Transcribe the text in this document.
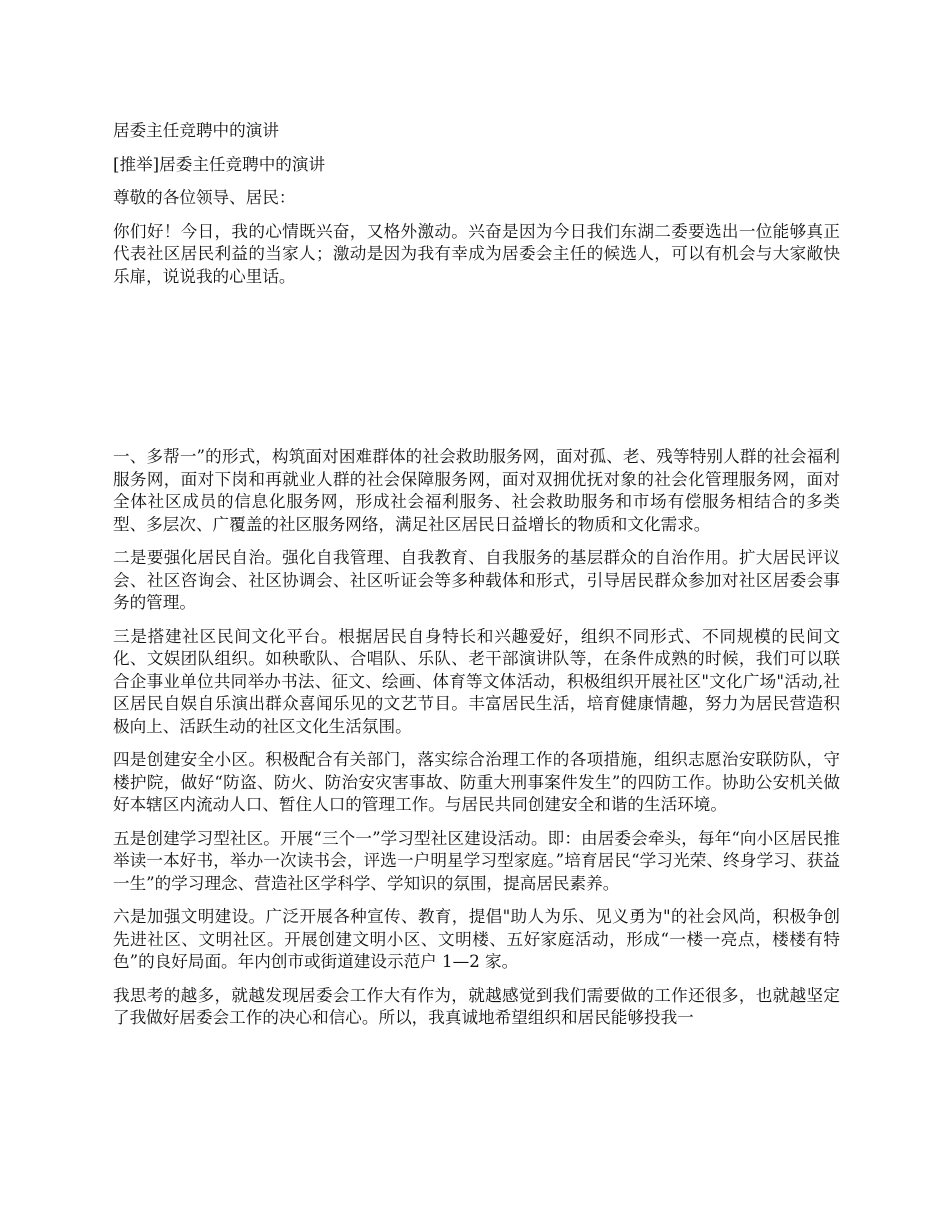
居委主任竞聘中的演讲

[推举]居委主任竞聘中的演讲

尊敬的各位领导、居民：

你们好！今日，我的心情既兴奋，又格外激动。兴奋是因为今日我们东湖二委要选出一位能够真正代表社区居民利益的当家人；激动是因为我有幸成为居委会主任的候选人，可以有机会与大家敞快乐扉，说说我的心里话。

一、多帮一”的形式，构筑面对困难群体的社会救助服务网，面对孤、老、残等特别人群的社会福利服务网，面对下岗和再就业人群的社会保障服务网，面对双拥优抚对象的社会化管理服务网，面对全体社区成员的信息化服务网，形成社会福利服务、社会救助服务和市场有偿服务相结合的多类型、多层次、广覆盖的社区服务网络，满足社区居民日益增长的物质和文化需求。

二是要强化居民自治。强化自我管理、自我教育、自我服务的基层群众的自治作用。扩大居民评议会、社区咨询会、社区协调会、社区听证会等多种载体和形式，引导居民群众参加对社区居委会事务的管理。

三是搭建社区民间文化平台。根据居民自身特长和兴趣爱好，组织不同形式、不同规模的民间文化、文娱团队组织。如秧歌队、合唱队、乐队、老干部演讲队等，在条件成熟的时候，我们可以联合企事业单位共同举办书法、征文、绘画、体育等文体活动，积极组织开展社区"文化广场"活动,社区居民自娱自乐演出群众喜闻乐见的文艺节目。丰富居民生活，培育健康情趣，努力为居民营造积极向上、活跃生动的社区文化生活氛围。

四是创建安全小区。积极配合有关部门，落实综合治理工作的各项措施，组织志愿治安联防队，守楼护院，做好“防盗、防火、防治安灾害事故、防重大刑事案件发生”的四防工作。协助公安机关做好本辖区内流动人口、暂住人口的管理工作。与居民共同创建安全和谐的生活环境。

五是创建学习型社区。开展“三个一”学习型社区建设活动。即：由居委会牵头，每年“向小区居民推举读一本好书，举办一次读书会，评选一户明星学习型家庭。”培育居民“学习光荣、终身学习、获益一生”的学习理念、营造社区学科学、学知识的氛围，提高居民素养。

六是加强文明建设。广泛开展各种宣传、教育，提倡"助人为乐、见义勇为"的社会风尚，积极争创先进社区、文明社区。开展创建文明小区、文明楼、五好家庭活动，形成“一楼一亮点，楼楼有特色”的良好局面。年内创市或街道建设示范户 1—2 家。

我思考的越多，就越发现居委会工作大有作为，就越感觉到我们需要做的工作还很多，也就越坚定了我做好居委会工作的决心和信心。所以，我真诚地希望组织和居民能够投我一
